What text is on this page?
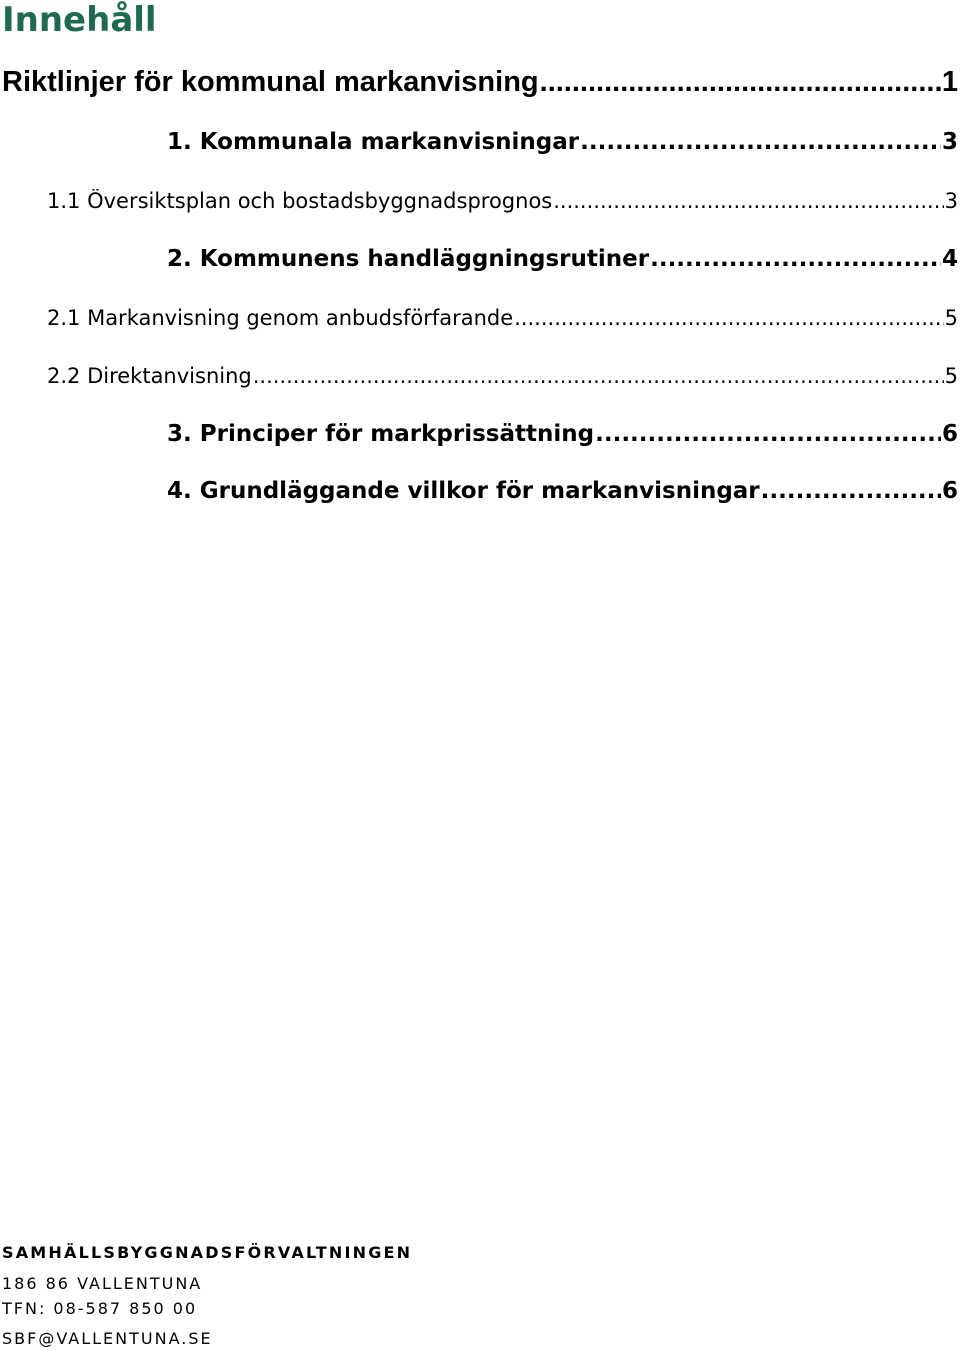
Innehåll
Riktlinjer för kommunal markanvisning .....	1
1. Kommunala markanvisningar .....	3
1.1 Översiktsplan och bostadsbyggnadsprognos .....	3
2. Kommunens handläggningsrutiner .....	4
2.1 Markanvisning genom anbudsförfarande .....	5
2.2 Direktanvisning .....	5
3. Principer för markprissättning .....	6
4. Grundläggande villkor för markanvisningar .....	6
SAMHÄLLSBYGGNADSFÖRVALTNINGEN
186 86 VALLENTUNA
TFN: 08-587 850 00
SBF@VALLENTUNA.SE
